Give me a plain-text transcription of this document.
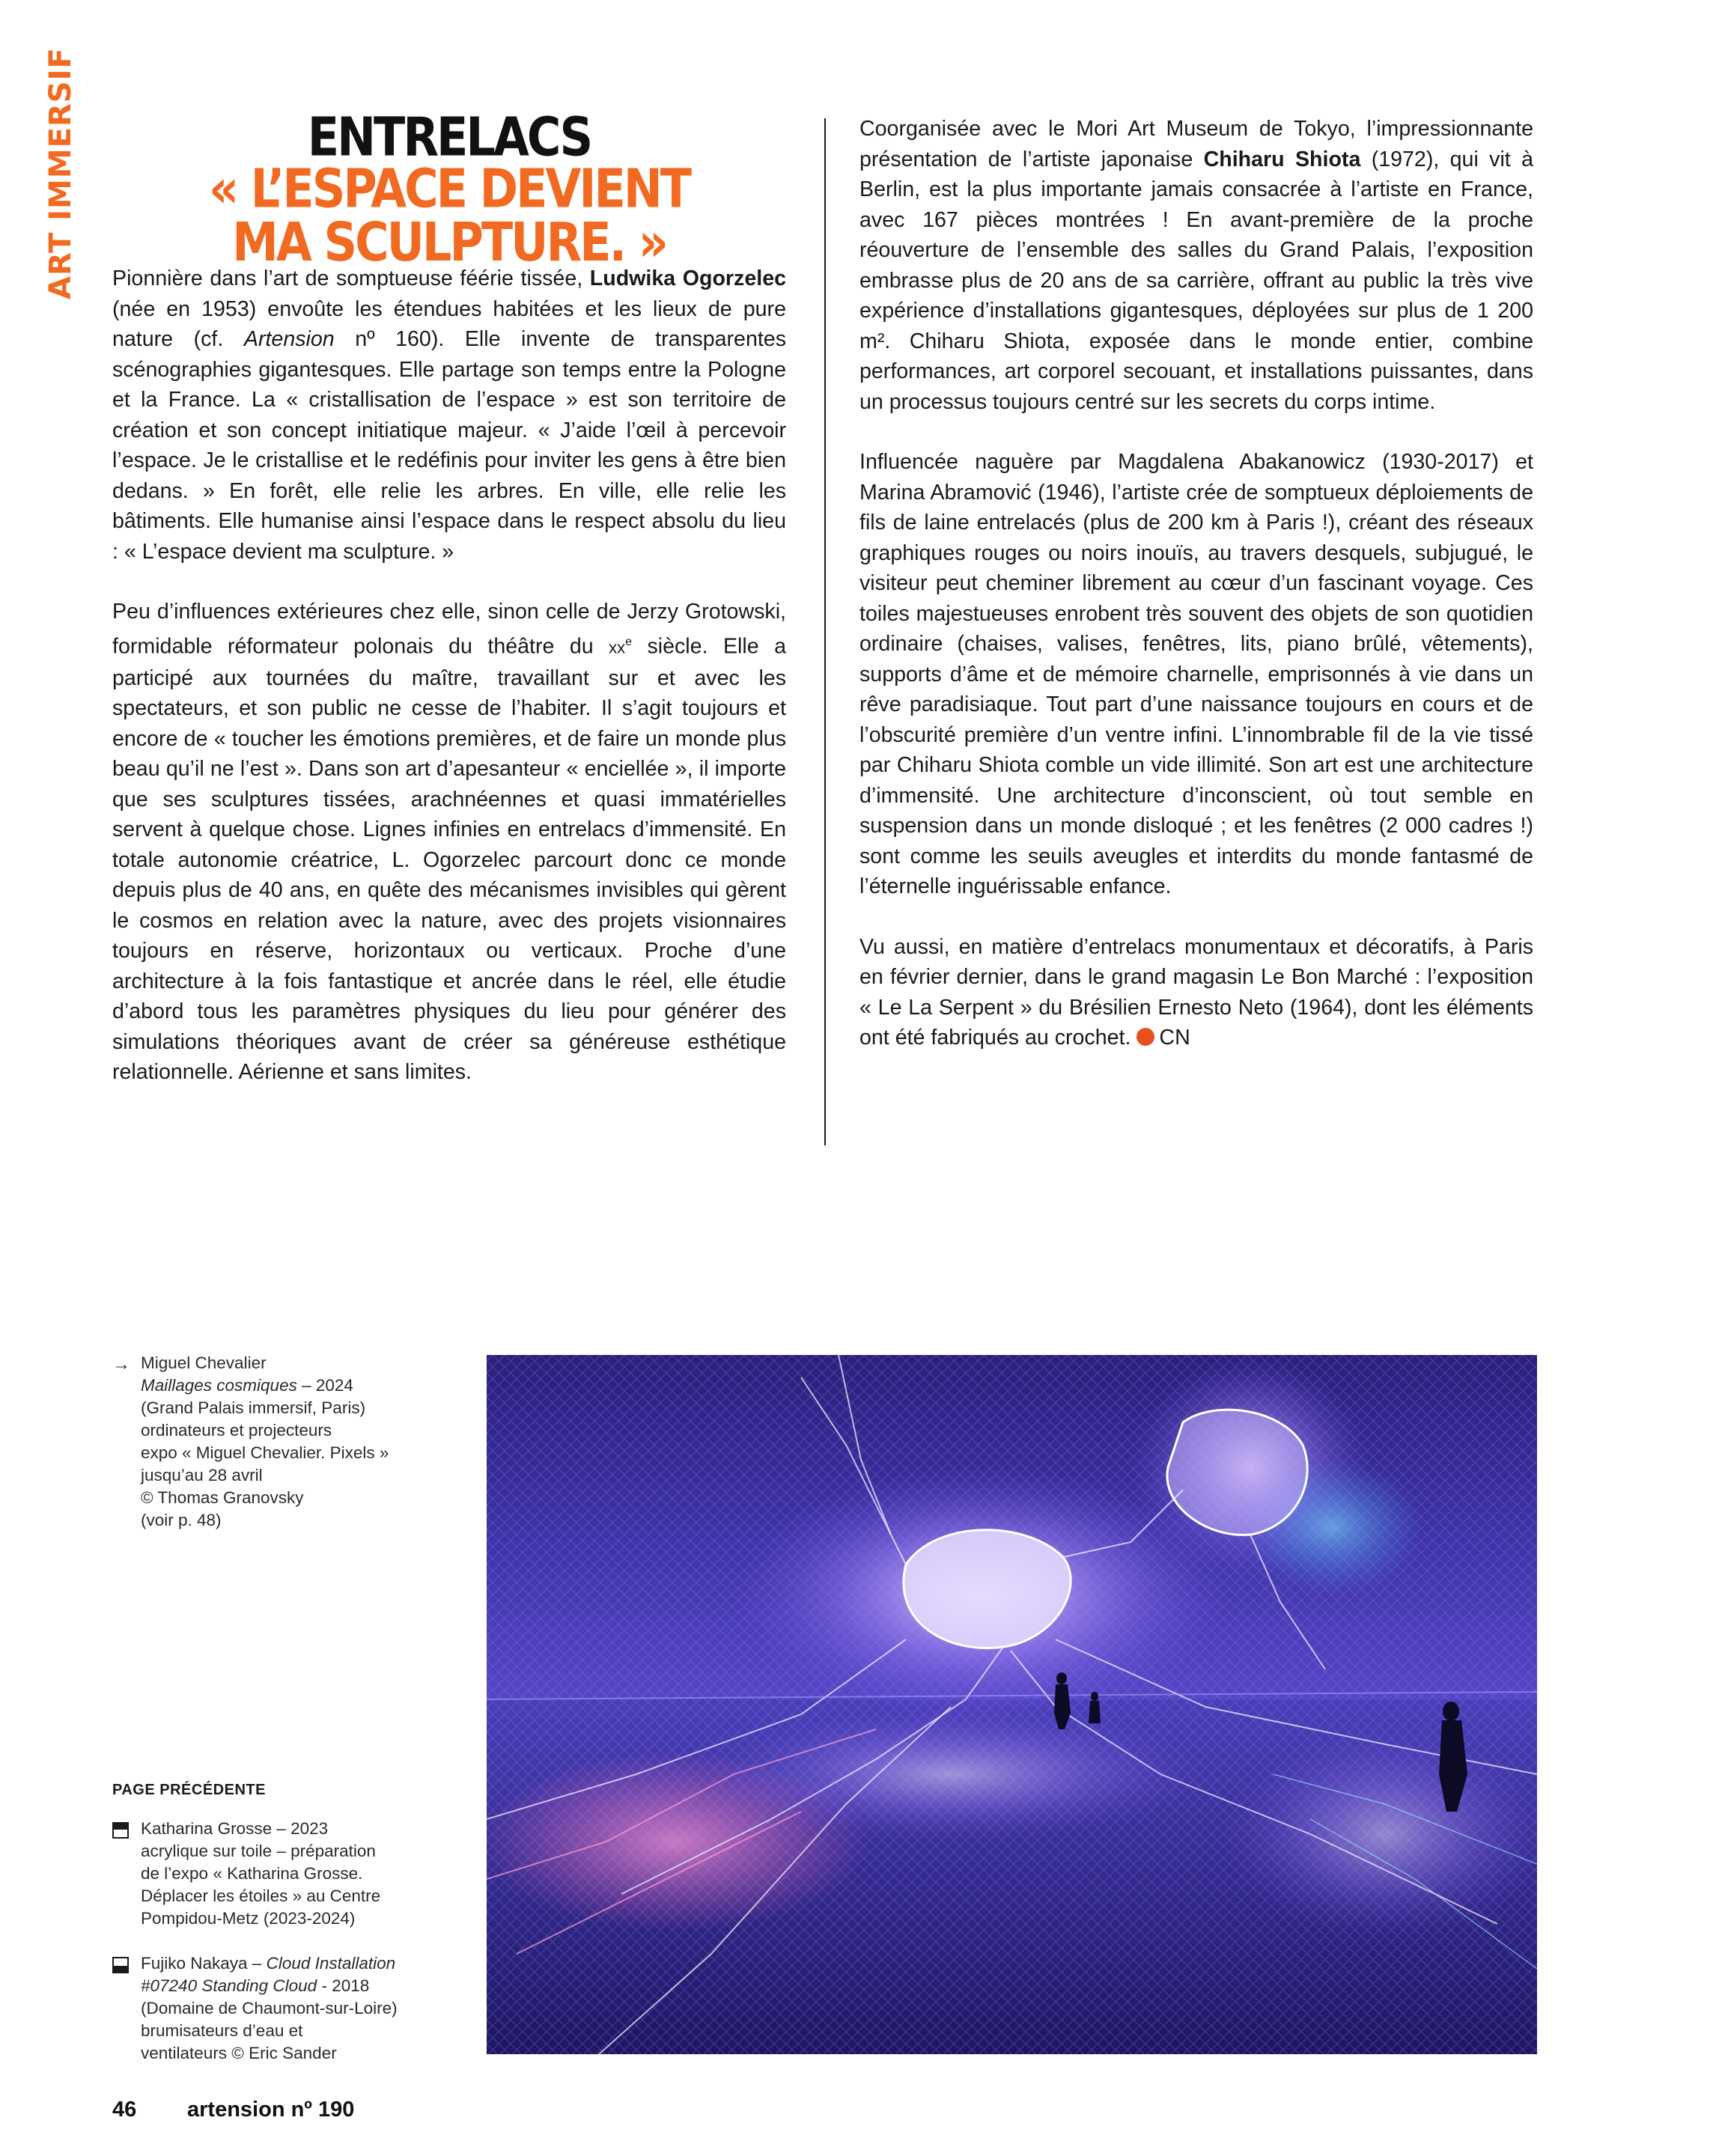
ART IMMERSIF	ENTRELACS
« L’ESPACE DEVIENT
MA SCULPTURE. »

Pionnière dans l’art de somptueuse féérie tissée, Ludwika Ogorzelec (née en 1953) envoûte les étendues habitées et les lieux de pure nature (cf. Artension nº 160). Elle invente de transparentes scénographies gigantesques. Elle partage son temps entre la Pologne et la France. La « cristallisation de l’espace » est son territoire de création et son concept initiatique majeur. « J’aide l’œil à percevoir l’espace. Je le cristallise et le redéfinis pour inviter les gens à être bien dedans. » En forêt, elle relie les arbres. En ville, elle relie les bâtiments. Elle humanise ainsi l’espace dans le respect absolu du lieu : « L’espace devient ma sculpture. »

Peu d’influences extérieures chez elle, sinon celle de Jerzy Grotowski, formidable réformateur polonais du théâtre du $xx^e$ siècle. Elle a participé aux tournées du maître, travaillant sur et avec les spectateurs, et son public ne cesse de l’habiter. Il s’agit toujours et encore de « toucher les émotions premières, et de faire un monde plus beau qu’il ne l’est ». Dans son art d’apesanteur « enciellée », il importe que ses sculptures tissées, arachnéennes et quasi immatérielles servent à quelque chose. Lignes infinies en entrelacs d’immensité. En totale autonomie créatrice, L. Ogorzelec parcourt donc ce monde depuis plus de 40 ans, en quête des mécanismes invisibles qui gèrent le cosmos en relation avec la nature, avec des projets visionnaires toujours en réserve, horizontaux ou verticaux. Proche d’une architecture à la fois fantastique et ancrée dans le réel, elle étudie d’abord tous les paramètres physiques du lieu pour générer des simulations théoriques avant de créer sa généreuse esthétique relationnelle. Aérienne et sans limites.

Coorganisée avec le Mori Art Museum de Tokyo, l’impressionnante présentation de l’artiste japonaise Chiharu Shiota (1972), qui vit à Berlin, est la plus importante jamais consacrée à l’artiste en France, avec 167 pièces montrées ! En avant-première de la proche réouverture de l’ensemble des salles du Grand Palais, l’exposition embrasse plus de 20 ans de sa carrière, offrant au public la très vive expérience d’installations gigantesques, déployées sur plus de 1 200 m². Chiharu Shiota, exposée dans le monde entier, combine performances, art corporel secouant, et installations puissantes, dans un processus toujours centré sur les secrets du corps intime.

Influencée naguère par Magdalena Abakanowicz (1930-2017) et Marina Abramović (1946), l’artiste crée de somptueux déploiements de fils de laine entrelacés (plus de 200 km à Paris !), créant des réseaux graphiques rouges ou noirs inouïs, au travers desquels, subjugué, le visiteur peut cheminer librement au cœur d’un fascinant voyage. Ces toiles majestueuses enrobent très souvent des objets de son quotidien ordinaire (chaises, valises, fenêtres, lits, piano brûlé, vêtements), supports d’âme et de mémoire charnelle, emprisonnés à vie dans un rêve paradisiaque. Tout part d’une naissance toujours en cours et de l’obscurité première d’un ventre infini. L’innombrable fil de la vie tissé par Chiharu Shiota comble un vide illimité. Son art est une architecture d’immensité. Une architecture d’inconscient, où tout semble en suspension dans un monde disloqué ; et les fenêtres (2 000 cadres !) sont comme les seuils aveugles et interdits du monde fantasmé de l’éternelle inguérissable enfance.

Vu aussi, en matière d’entrelacs monumentaux et décoratifs, à Paris en février dernier, dans le grand magasin Le Bon Marché : l’exposition « Le La Serpent » du Brésilien Ernesto Neto (1964), dont les éléments ont été fabriqués au crochet. CN

→ Miguel Chevalier
Maillages cosmiques – 2024
(Grand Palais immersif, Paris)
ordinateurs et projecteurs
expo « Miguel Chevalier. Pixels »
jusqu’au 28 avril
© Thomas Granovsky
(voir p. 48)
PAGE PRÉCÉDENTE
Katharina Grosse – 2023
acrylique sur toile – préparation
de l’expo « Katharina Grosse.
Déplacer les étoiles » au Centre
Pompidou-Metz (2023-2024)
Fujiko Nakaya – Cloud Installation
#07240 Standing Cloud - 2018
(Domaine de Chaumont-sur-Loire)
brumisateurs d’eau et
ventilateurs © Eric Sander
46 artension nº 190
